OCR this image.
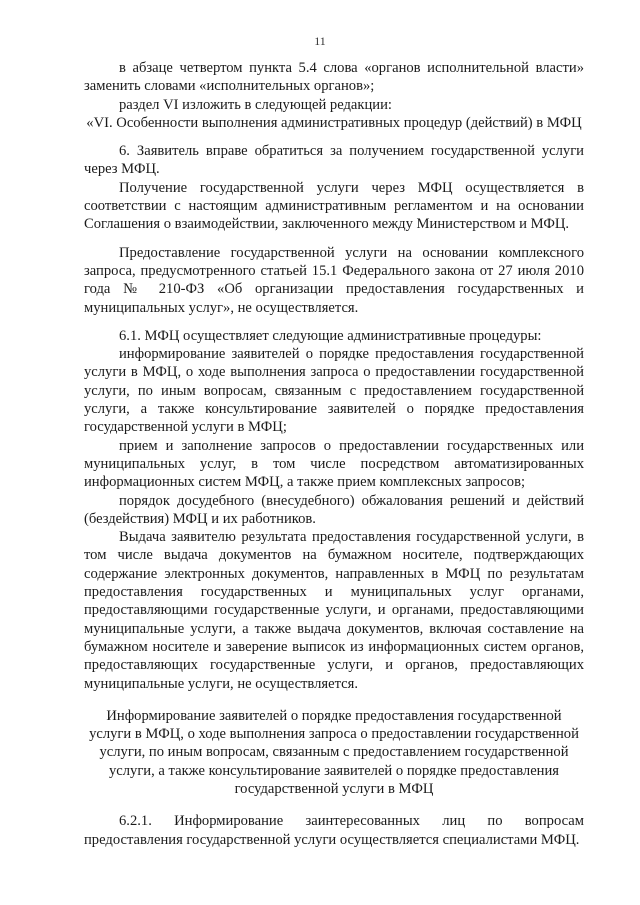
11

в абзаце четвертом пункта 5.4 слова «органов исполнительной власти» заменить словами «исполнительных органов»;

раздел VI изложить в следующей редакции:

«VI. Особенности выполнения административных процедур (действий) в МФЦ

6. Заявитель вправе обратиться за получением государственной услуги через МФЦ.

Получение государственной услуги через МФЦ осуществляется в соответствии с настоящим административным регламентом и на основании Соглашения о взаимодействии, заключенного между Министерством и МФЦ.

Предоставление государственной услуги на основании комплексного запроса, предусмотренного статьей 15.1 Федерального закона от 27 июля 2010 года № 210-ФЗ «Об организации предоставления государственных и муниципальных услуг», не осуществляется.

6.1. МФЦ осуществляет следующие административные процедуры:

информирование заявителей о порядке предоставления государственной услуги в МФЦ, о ходе выполнения запроса о предоставлении государственной услуги, по иным вопросам, связанным с предоставлением государственной услуги, а также консультирование заявителей о порядке предоставления государственной услуги в МФЦ;

прием и заполнение запросов о предоставлении государственных или муниципальных услуг, в том числе посредством автоматизированных информационных систем МФЦ, а также прием комплексных запросов;

порядок досудебного (внесудебного) обжалования решений и действий (бездействия) МФЦ и их работников.

Выдача заявителю результата предоставления государственной услуги, в том числе выдача документов на бумажном носителе, подтверждающих содержание электронных документов, направленных в МФЦ по результатам предоставления государственных и муниципальных услуг органами, предоставляющими государственные услуги, и органами, предоставляющими муниципальные услуги, а также выдача документов, включая составление на бумажном носителе и заверение выписок из информационных систем органов, предоставляющих государственные услуги, и органов, предоставляющих муниципальные услуги, не осуществляется.

Информирование заявителей о порядке предоставления государственной услуги в МФЦ, о ходе выполнения запроса о предоставлении государственной услуги, по иным вопросам, связанным с предоставлением государственной услуги, а также консультирование заявителей о порядке предоставления государственной услуги в МФЦ

6.2.1. Информирование заинтересованных лиц по вопросам предоставления государственной услуги осуществляется специалистами МФЦ.
